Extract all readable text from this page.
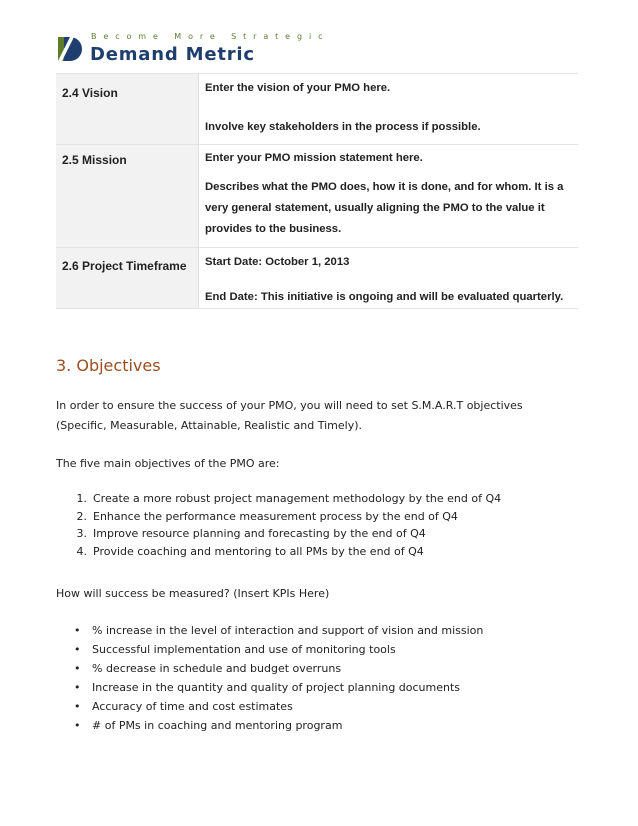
Become More Strategic
Demand Metric
2.4 Vision	Enter the vision of your PMO here.

	Involve key stakeholders in the process if possible.

2.5 Mission	Enter your PMO mission statement here.
Describes what the PMO does, how it is done, and for whom. It is a very general statement, usually aligning the PMO to the value it provides to the business.

2.6 Project Timeframe	Start Date: October 1, 2013
End Date: This initiative is ongoing and will be evaluated quarterly.
3. Objectives

In order to ensure the success of your PMO, you will need to set S.M.A.R.T objectives (Specific, Measurable, Attainable, Realistic and Timely).

The five main objectives of the PMO are:

1. Create a more robust project management methodology by the end of Q4
2. Enhance the performance measurement process by the end of Q4
3. Improve resource planning and forecasting by the end of Q4
4. Provide coaching and mentoring to all PMs by the end of Q4

How will success be measured? (Insert KPIs Here)

• % increase in the level of interaction and support of vision and mission
• Successful implementation and use of monitoring tools
• % decrease in schedule and budget overruns
• Increase in the quantity and quality of project planning documents
• Accuracy of time and cost estimates
• # of PMs in coaching and mentoring program
